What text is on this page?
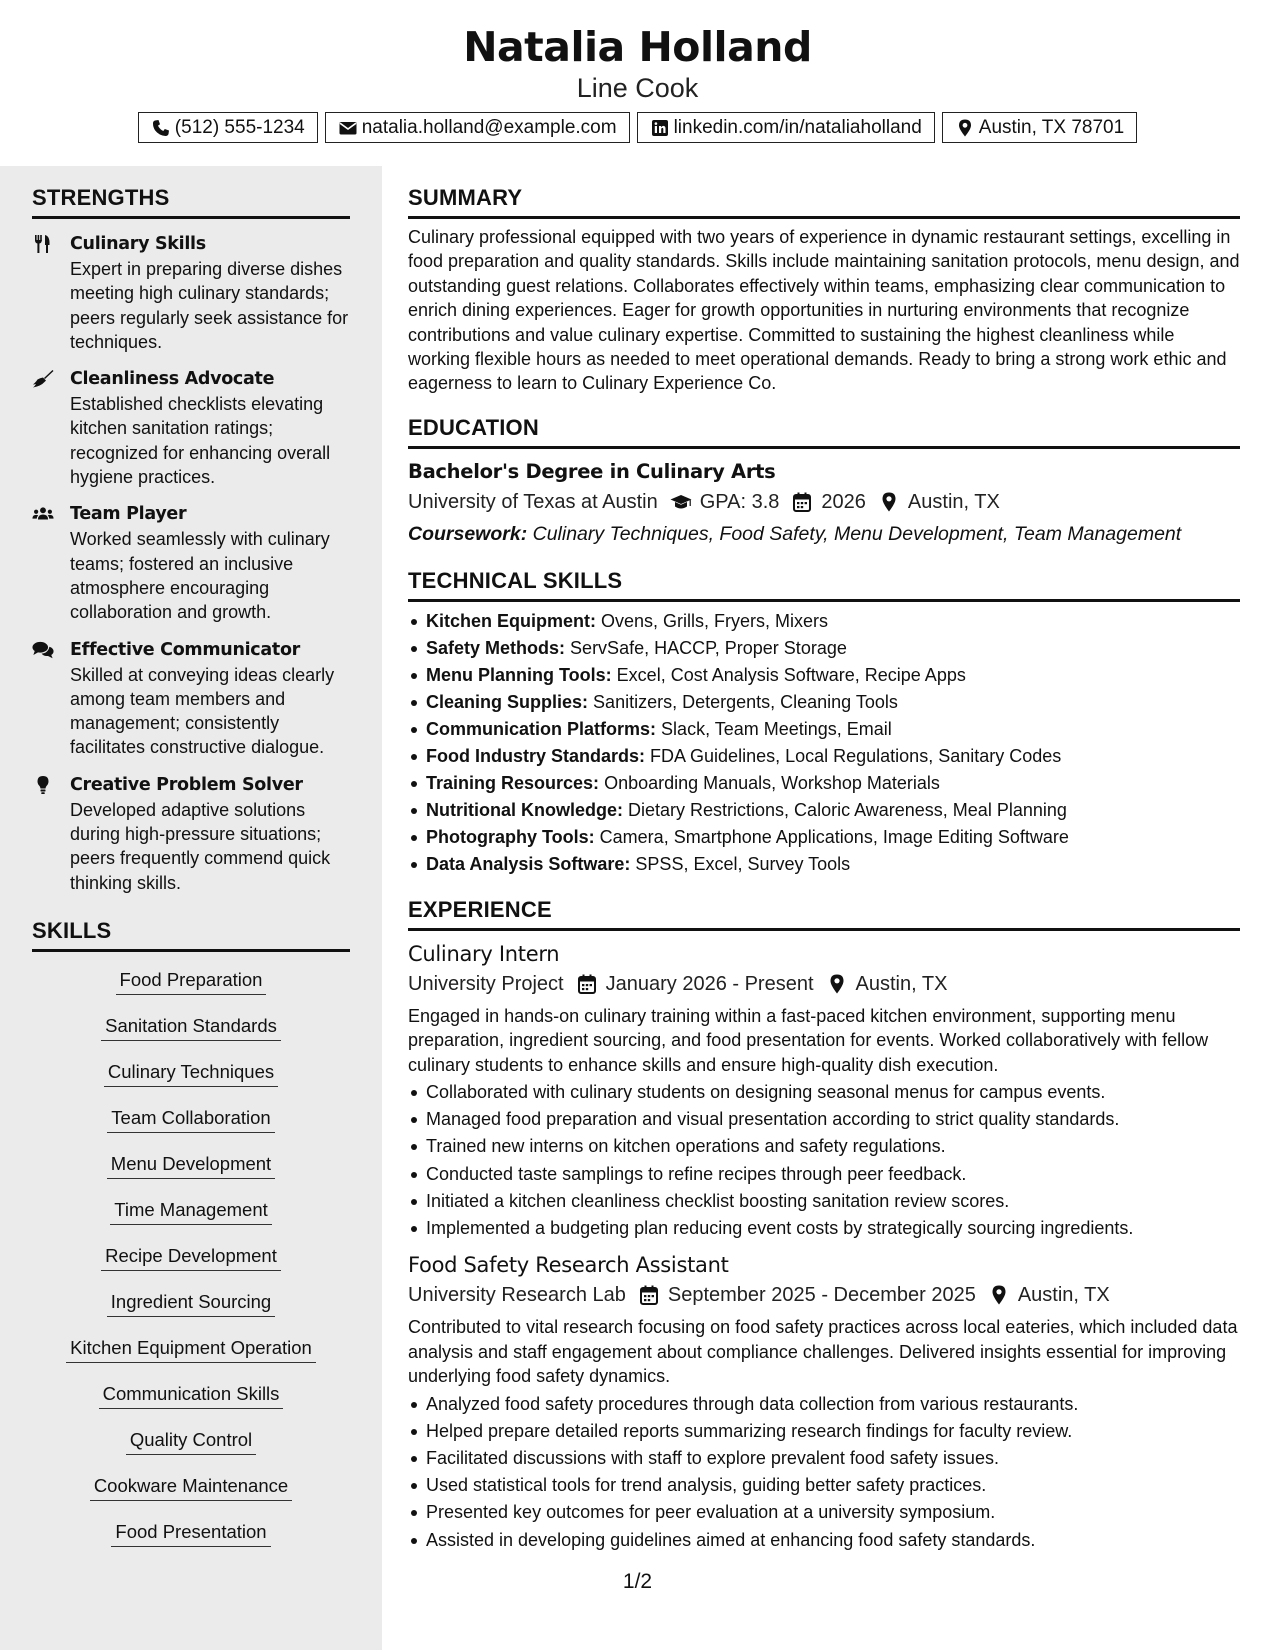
Natalia Holland
Line Cook
(512) 555-1234	natalia.holland@example.com	linkedin.com/in/nataliaholland	Austin, TX 78701
STRENGTHS
Culinary Skills
Expert in preparing diverse dishes meeting high culinary standards; peers regularly seek assistance for techniques.
Cleanliness Advocate
Established checklists elevating kitchen sanitation ratings; recognized for enhancing overall hygiene practices.
Team Player
Worked seamlessly with culinary teams; fostered an inclusive atmosphere encouraging collaboration and growth.
Effective Communicator
Skilled at conveying ideas clearly among team members and management; consistently facilitates constructive dialogue.
Creative Problem Solver
Developed adaptive solutions during high-pressure situations; peers frequently commend quick thinking skills.
SKILLS
Food Preparation
Sanitation Standards
Culinary Techniques
Team Collaboration
Menu Development
Time Management
Recipe Development
Ingredient Sourcing
Kitchen Equipment Operation
Communication Skills
Quality Control
Cookware Maintenance
Food Presentation
SUMMARY
Culinary professional equipped with two years of experience in dynamic restaurant settings, excelling in food preparation and quality standards. Skills include maintaining sanitation protocols, menu design, and outstanding guest relations. Collaborates effectively within teams, emphasizing clear communication to enrich dining experiences. Eager for growth opportunities in nurturing environments that recognize contributions and value culinary expertise. Committed to sustaining the highest cleanliness while working flexible hours as needed to meet operational demands. Ready to bring a strong work ethic and eagerness to learn to Culinary Experience Co.
EDUCATION
Bachelor's Degree in Culinary Arts
University of Texas at Austin GPA: 3.8 2026 Austin, TX
Coursework: Culinary Techniques, Food Safety, Menu Development, Team Management
TECHNICAL SKILLS
Kitchen Equipment: Ovens, Grills, Fryers, Mixers
Safety Methods: ServSafe, HACCP, Proper Storage
Menu Planning Tools: Excel, Cost Analysis Software, Recipe Apps
Cleaning Supplies: Sanitizers, Detergents, Cleaning Tools
Communication Platforms: Slack, Team Meetings, Email
Food Industry Standards: FDA Guidelines, Local Regulations, Sanitary Codes
Training Resources: Onboarding Manuals, Workshop Materials
Nutritional Knowledge: Dietary Restrictions, Caloric Awareness, Meal Planning
Photography Tools: Camera, Smartphone Applications, Image Editing Software
Data Analysis Software: SPSS, Excel, Survey Tools
EXPERIENCE
Culinary Intern
University Project January 2026 - Present Austin, TX
Engaged in hands-on culinary training within a fast-paced kitchen environment, supporting menu preparation, ingredient sourcing, and food presentation for events. Worked collaboratively with fellow culinary students to enhance skills and ensure high-quality dish execution.
Collaborated with culinary students on designing seasonal menus for campus events.
Managed food preparation and visual presentation according to strict quality standards.
Trained new interns on kitchen operations and safety regulations.
Conducted taste samplings to refine recipes through peer feedback.
Initiated a kitchen cleanliness checklist boosting sanitation review scores.
Implemented a budgeting plan reducing event costs by strategically sourcing ingredients.
Food Safety Research Assistant
University Research Lab September 2025 - December 2025 Austin, TX
Contributed to vital research focusing on food safety practices across local eateries, which included data analysis and staff engagement about compliance challenges. Delivered insights essential for improving underlying food safety dynamics.
Analyzed food safety procedures through data collection from various restaurants.
Helped prepare detailed reports summarizing research findings for faculty review.
Facilitated discussions with staff to explore prevalent food safety issues.
Used statistical tools for trend analysis, guiding better safety practices.
Presented key outcomes for peer evaluation at a university symposium.
Assisted in developing guidelines aimed at enhancing food safety standards.
1/2
